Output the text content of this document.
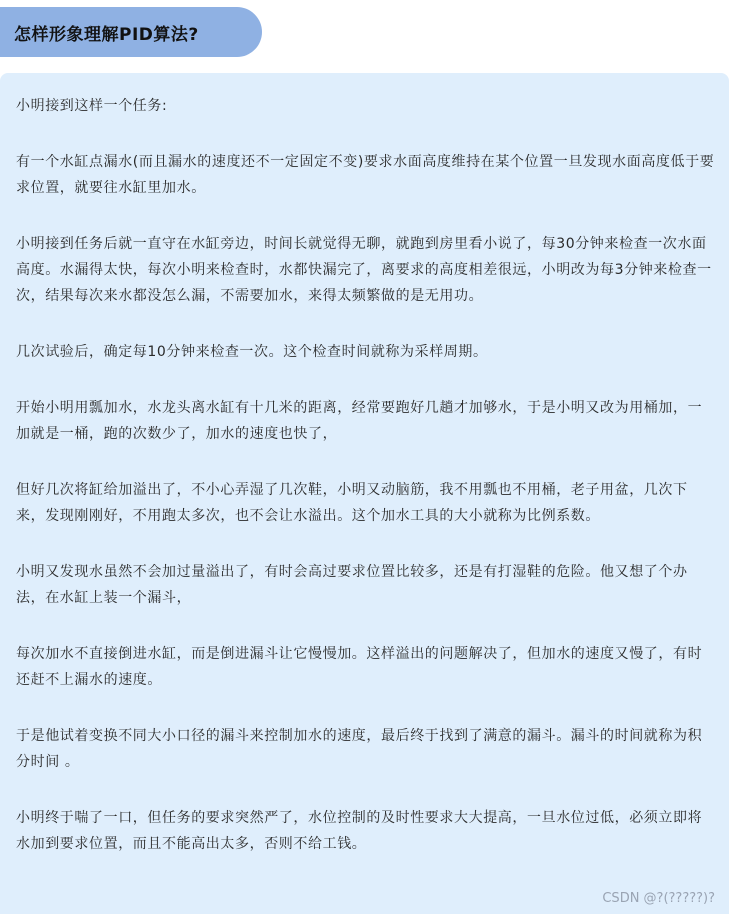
怎样形象理解PID算法?

小明接到这样一个任务:

有一个水缸点漏水(而且漏水的速度还不一定固定不变)要求水面高度维持在某个位置一旦发现水面高度低于要求位置，就要往水缸里加水。

小明接到任务后就一直守在水缸旁边，时间长就觉得无聊，就跑到房里看小说了，每30分钟来检查一次水面高度。水漏得太快，每次小明来检查时，水都快漏完了，离要求的高度相差很远，小明改为每3分钟来检查一次，结果每次来水都没怎么漏，不需要加水，来得太频繁做的是无用功。

几次试验后，确定每10分钟来检查一次。这个检查时间就称为采样周期。

开始小明用瓢加水，水龙头离水缸有十几米的距离，经常要跑好几趟才加够水，于是小明又改为用桶加，一加就是一桶，跑的次数少了，加水的速度也快了，

但好几次将缸给加溢出了，不小心弄湿了几次鞋，小明又动脑筋，我不用瓢也不用桶，老子用盆，几次下来，发现刚刚好，不用跑太多次，也不会让水溢出。这个加水工具的大小就称为比例系数。

小明又发现水虽然不会加过量溢出了，有时会高过要求位置比较多，还是有打湿鞋的危险。他又想了个办法，在水缸上装一个漏斗，

每次加水不直接倒进水缸，而是倒进漏斗让它慢慢加。这样溢出的问题解决了，但加水的速度又慢了，有时还赶不上漏水的速度。

于是他试着变换不同大小口径的漏斗来控制加水的速度，最后终于找到了满意的漏斗。漏斗的时间就称为积分时间 。

小明终于喘了一口，但任务的要求突然严了，水位控制的及时性要求大大提高，一旦水位过低，必须立即将水加到要求位置，而且不能高出太多，否则不给工钱。

CSDN @?(?????)?
